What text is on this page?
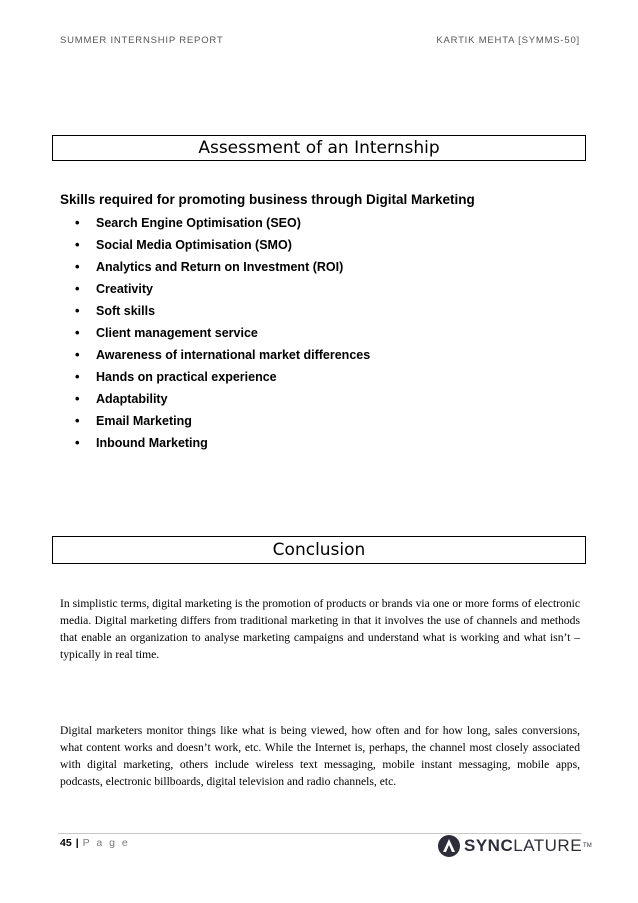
SUMMER INTERNSHIP REPORT	KARTIK MEHTA [SYMMS-50]
Assessment of an Internship
Skills required for promoting business through Digital Marketing
• Search Engine Optimisation (SEO)
• Social Media Optimisation (SMO)
• Analytics and Return on Investment (ROI)
• Creativity
• Soft skills
• Client management service
• Awareness of international market differences
• Hands on practical experience
• Adaptability
• Email Marketing
• Inbound Marketing
Conclusion

In simplistic terms, digital marketing is the promotion of products or brands via one or more forms of electronic media. Digital marketing differs from traditional marketing in that it involves the use of channels and methods that enable an organization to analyse marketing campaigns and understand what is working and what isn’t – typically in real time.

Digital marketers monitor things like what is being viewed, how often and for how long, sales conversions, what content works and doesn’t work, etc. While the Internet is, perhaps, the channel most closely associated with digital marketing, others include wireless text messaging, mobile instant messaging, mobile apps, podcasts, electronic billboards, digital television and radio channels, etc.

45 | P a g e	SYNCLATURE TM
